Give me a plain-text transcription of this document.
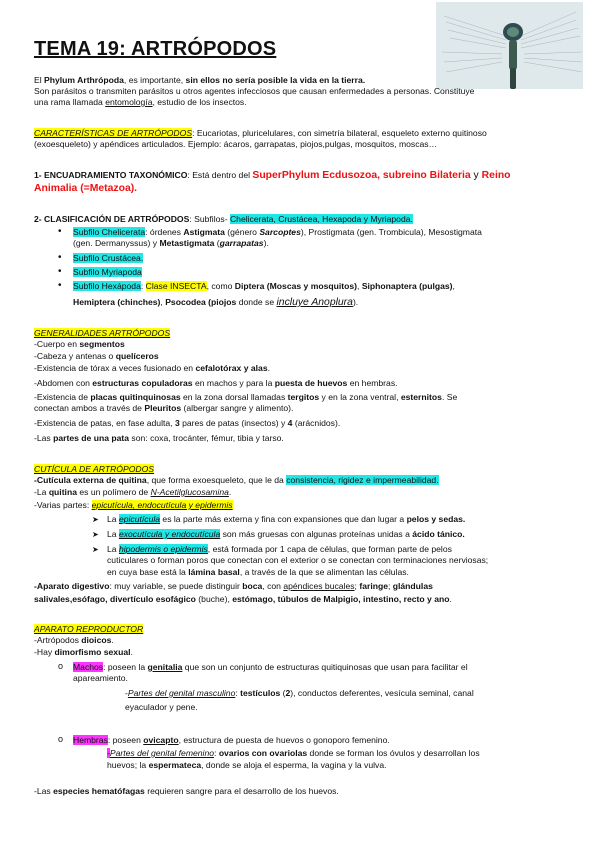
TEMA 19: ARTRÓPODOS
El Phylum Arthrópoda, es importante, sin ellos no sería posible la vida en la tierra.
Son parásitos o transmiten parásitos u otros agentes infecciosos que causan enfermedades a personas. Constituye
una rama llamada entomología, estudio de los insectos.
CARACTERÍSTICAS DE ARTRÓPODOS: Eucariotas, pluricelulares, con simetría bilateral, esqueleto externo quitinoso
(exoesqueleto) y apéndices articulados. Ejemplo: ácaros, garrapatas, piojos,pulgas, mosquitos, moscas…
1- ENCUADRAMIENTO TAXONÓMICO: Está dentro del SuperPhylum Ecdusozoa, subreino Bilateria y Reino
Animalia (=Metazoa).
2- CLASIFICACIÓN DE ARTRÓPODOS: Subfilos- Chelicerata, Crustácea, Hexapoda y Myriapoda.
• Subfilo Chelicerata: órdenes Astigmata (género Sarcoptes), Prostigmata (gen. Trombicula), Mesostigmata
(gen. Dermanyssus) y Metastigmata (garrapatas).
• Subfilo Crustácea.
• Subfilo Myriapoda
• Subfilo Hexápoda: Clase INSECTA, como Diptera (Moscas y mosquitos), Siphonaptera (pulgas),
Hemiptera (chinches), Psocodea (piojos donde se incluye Anoplura).
GENERALIDADES ARTRÓPODOS
-Cuerpo en segmentos
-Cabeza y antenas o quelíceros
-Existencia de tórax a veces fusionado en cefalotórax y alas.
-Abdomen con estructuras copuladoras en machos y para la puesta de huevos en hembras.
-Existencia de placas quitinquinosas en la zona dorsal llamadas tergitos y en la zona ventral, esternitos. Se
conectan ambos a través de Pleuritos (albergar sangre y alimento).
-Existencia de patas, en fase adulta, 3 pares de patas (insectos) y 4 (arácnidos).
-Las partes de una pata son: coxa, trocánter, fémur, tibia y tarso.
CUTÍCULA DE ARTRÓPODOS
-Cutícula externa de quitina, que forma exoesqueleto, que le da consistencia, rigidez e impermeabilidad.
-La quitina es un polímero de N-Acetilglucosamina.
-Varias partes: epicutícula, endocutícula y epidermis
➤ La epicutícula es la parte más externa y fina con expansiones que dan lugar a pelos y sedas.
➤ La exocutícula y endocutícula son más gruesas con algunas proteínas unidas a ácido tánico.
➤ La hipodermis o epidermis, está formada por 1 capa de células, que forman parte de pelos
cuticulares o forman poros que conectan con el exterior o se conectan con terminaciones nerviosas;
en cuya base está la lámina basal, a través de la que se alimentan las células.
-Aparato digestivo: muy variable, se puede distinguir boca, con apéndices bucales; faringe; glándulas
salivales,esófago, divertículo esofágico (buche), estómago, túbulos de Malpigio, intestino, recto y ano.
APARATO REPRODUCTOR
-Artrópodos dioicos.
-Hay dimorfismo sexual.
o Machos: poseen la genitalia que son un conjunto de estructuras quitiquinosas que usan para facilitar el
apareamiento.
-Partes del genital masculino: testículos (2), conductos deferentes, vesícula seminal, canal
eyaculador y pene.
o Hembras: poseen ovicapto, estructura de puesta de huevos o gonoporo femenino.
-Partes del genital femenino: ovarios con ovariolas donde se forman los óvulos y desarrollan los
huevos; la espermateca, donde se aloja el esperma, la vagina y la vulva.
-Las especies hematófagas requieren sangre para el desarrollo de los huevos.
